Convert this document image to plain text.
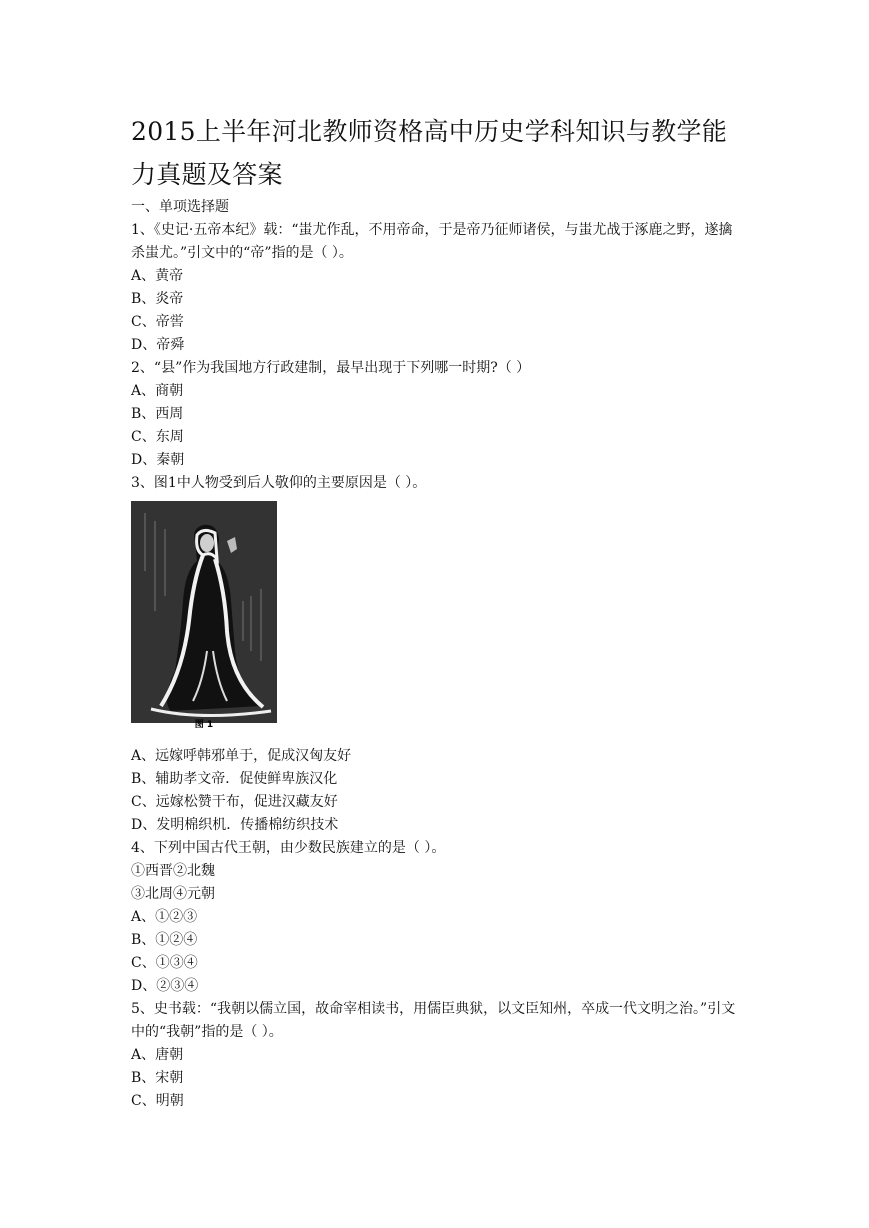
2015上半年河北教师资格高中历史学科知识与教学能力真题及答案
一、单项选择题
1、《史记·五帝本纪》载：“蚩尤作乱，不用帝命，于是帝乃征师诸侯，与蚩尤战于涿鹿之野，遂擒杀蚩尤。”引文中的“帝”指的是（ ）。
A、黄帝
B、炎帝
C、帝喾
D、帝舜
2、“县”作为我国地方行政建制，最早出现于下列哪一时期?（ ）
A、商朝
B、西周
C、东周
D、秦朝
3、图1中人物受到后人敬仰的主要原因是（ ）。
图 1
A、远嫁呼韩邪单于，促成汉匈友好
B、辅助孝文帝．促使鲜卑族汉化
C、远嫁松赞干布，促进汉藏友好
D、发明棉织机．传播棉纺织技术
4、下列中国古代王朝，由少数民族建立的是（ ）。
①西晋②北魏
③北周④元朝
A、①②③
B、①②④
C、①③④
D、②③④
5、史书载：“我朝以儒立国，故命宰相读书，用儒臣典狱，以文臣知州，卒成一代文明之治。”引文中的“我朝”指的是（ ）。
A、唐朝
B、宋朝
C、明朝
